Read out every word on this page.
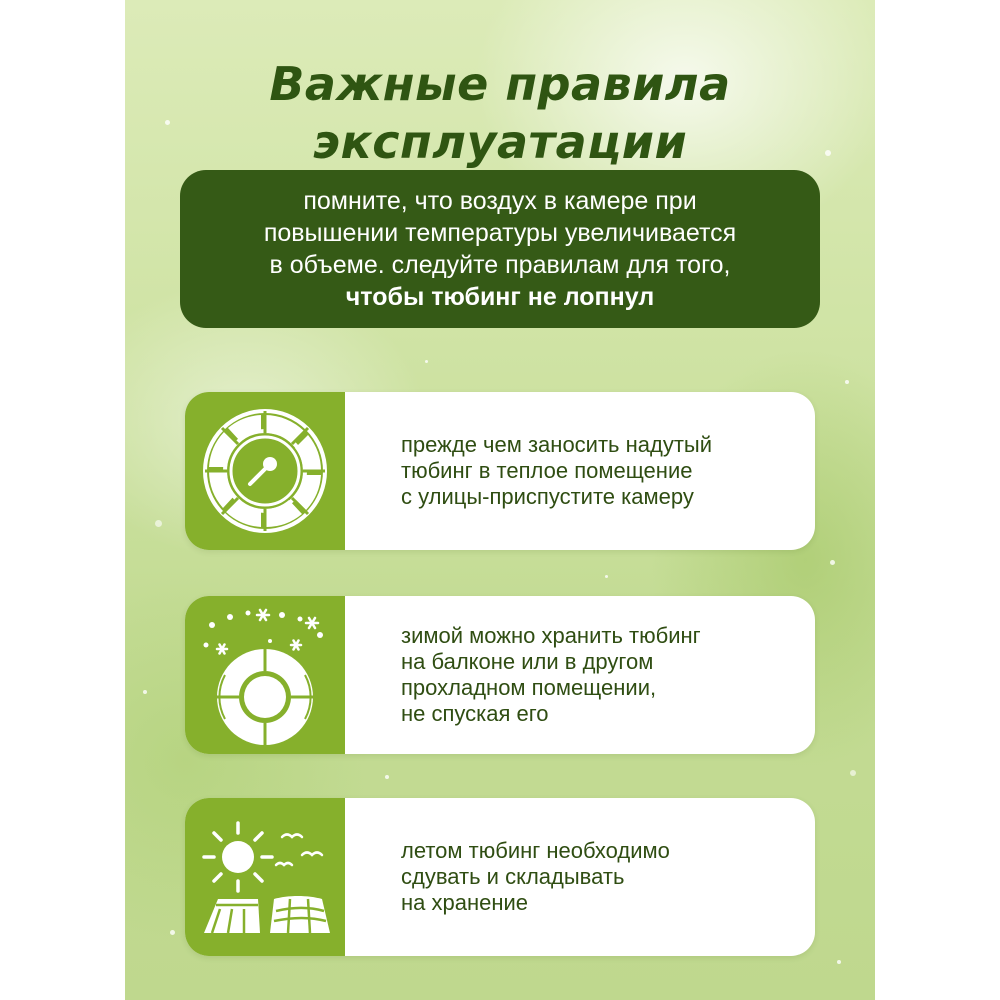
Важные правила
эксплуатации
помните, что воздух в камере при
повышении температуры увеличивается
в объеме. следуйте правилам для того,
чтобы тюбинг не лопнул
прежде чем заносить надутый
тюбинг в теплое помещение
с улицы-приспустите камеру
зимой можно хранить тюбинг
на балконе или в другом
прохладном помещении,
не спуская его
летом тюбинг необходимо
сдувать и складывать
на хранение
